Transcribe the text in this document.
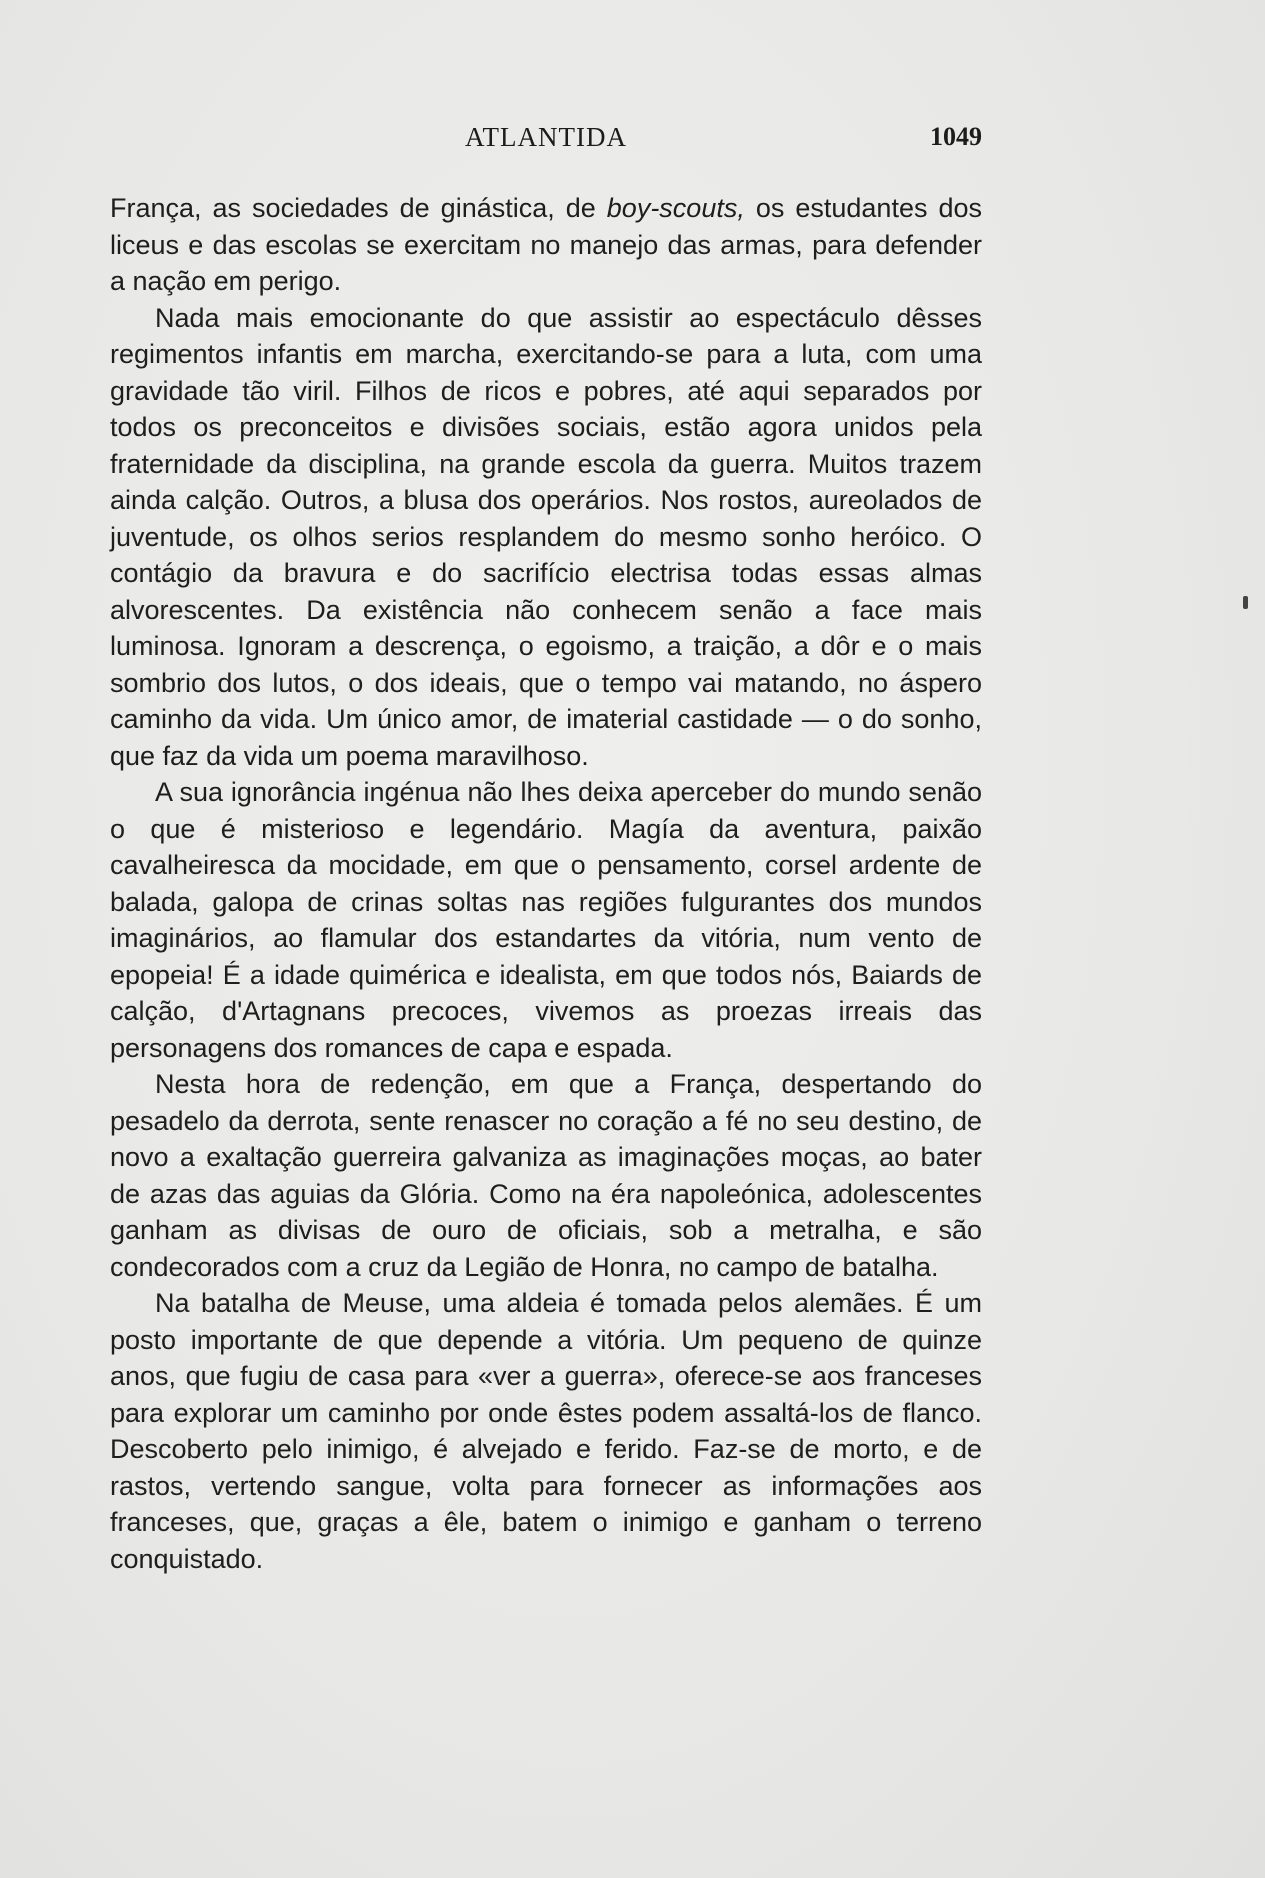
ATLANTIDA	1049

França, as sociedades de ginástica, de boy-scouts, os estudantes dos liceus e das escolas se exercitam no manejo das armas, para defender a nação em perigo.

Nada mais emocionante do que assistir ao espectáculo dêsses regimentos infantis em marcha, exercitando-se para a luta, com uma gravidade tão viril. Filhos de ricos e pobres, até aqui separados por todos os preconceitos e divisões sociais, estão agora unidos pela fraternidade da disciplina, na grande escola da guerra. Muitos trazem ainda calção. Outros, a blusa dos operários. Nos rostos, aureolados de juventude, os olhos serios resplandem do mesmo sonho heróico. O contágio da bravura e do sacrifício electrisa todas essas almas alvorescentes. Da existência não conhecem senão a face mais luminosa. Ignoram a descrença, o egoismo, a traição, a dôr e o mais sombrio dos lutos, o dos ideais, que o tempo vai matando, no áspero caminho da vida. Um único amor, de imaterial castidade — o do sonho, que faz da vida um poema maravilhoso.

A sua ignorância ingénua não lhes deixa aperceber do mundo senão o que é misterioso e legendário. Magía da aventura, paixão cavalheiresca da mocidade, em que o pensamento, corsel ardente de balada, galopa de crinas soltas nas regiões fulgurantes dos mundos imaginários, ao flamular dos estandartes da vitória, num vento de epopeia! É a idade quimérica e idealista, em que todos nós, Baiards de calção, d'Artagnans precoces, vivemos as proezas irreais das personagens dos romances de capa e espada.

Nesta hora de redenção, em que a França, despertando do pesadelo da derrota, sente renascer no coração a fé no seu destino, de novo a exaltação guerreira galvaniza as imaginações moças, ao bater de azas das aguias da Glória. Como na éra napoleónica, adolescentes ganham as divisas de ouro de oficiais, sob a metralha, e são condecorados com a cruz da Legião de Honra, no campo de batalha.

Na batalha de Meuse, uma aldeia é tomada pelos alemães. É um posto importante de que depende a vitória. Um pequeno de quinze anos, que fugiu de casa para «ver a guerra», oferece-se aos franceses para explorar um caminho por onde êstes podem assaltá-los de flanco. Descoberto pelo inimigo, é alvejado e ferido. Faz-se de morto, e de rastos, vertendo sangue, volta para fornecer as informações aos franceses, que, graças a êle, batem o inimigo e ganham o terreno conquistado.
